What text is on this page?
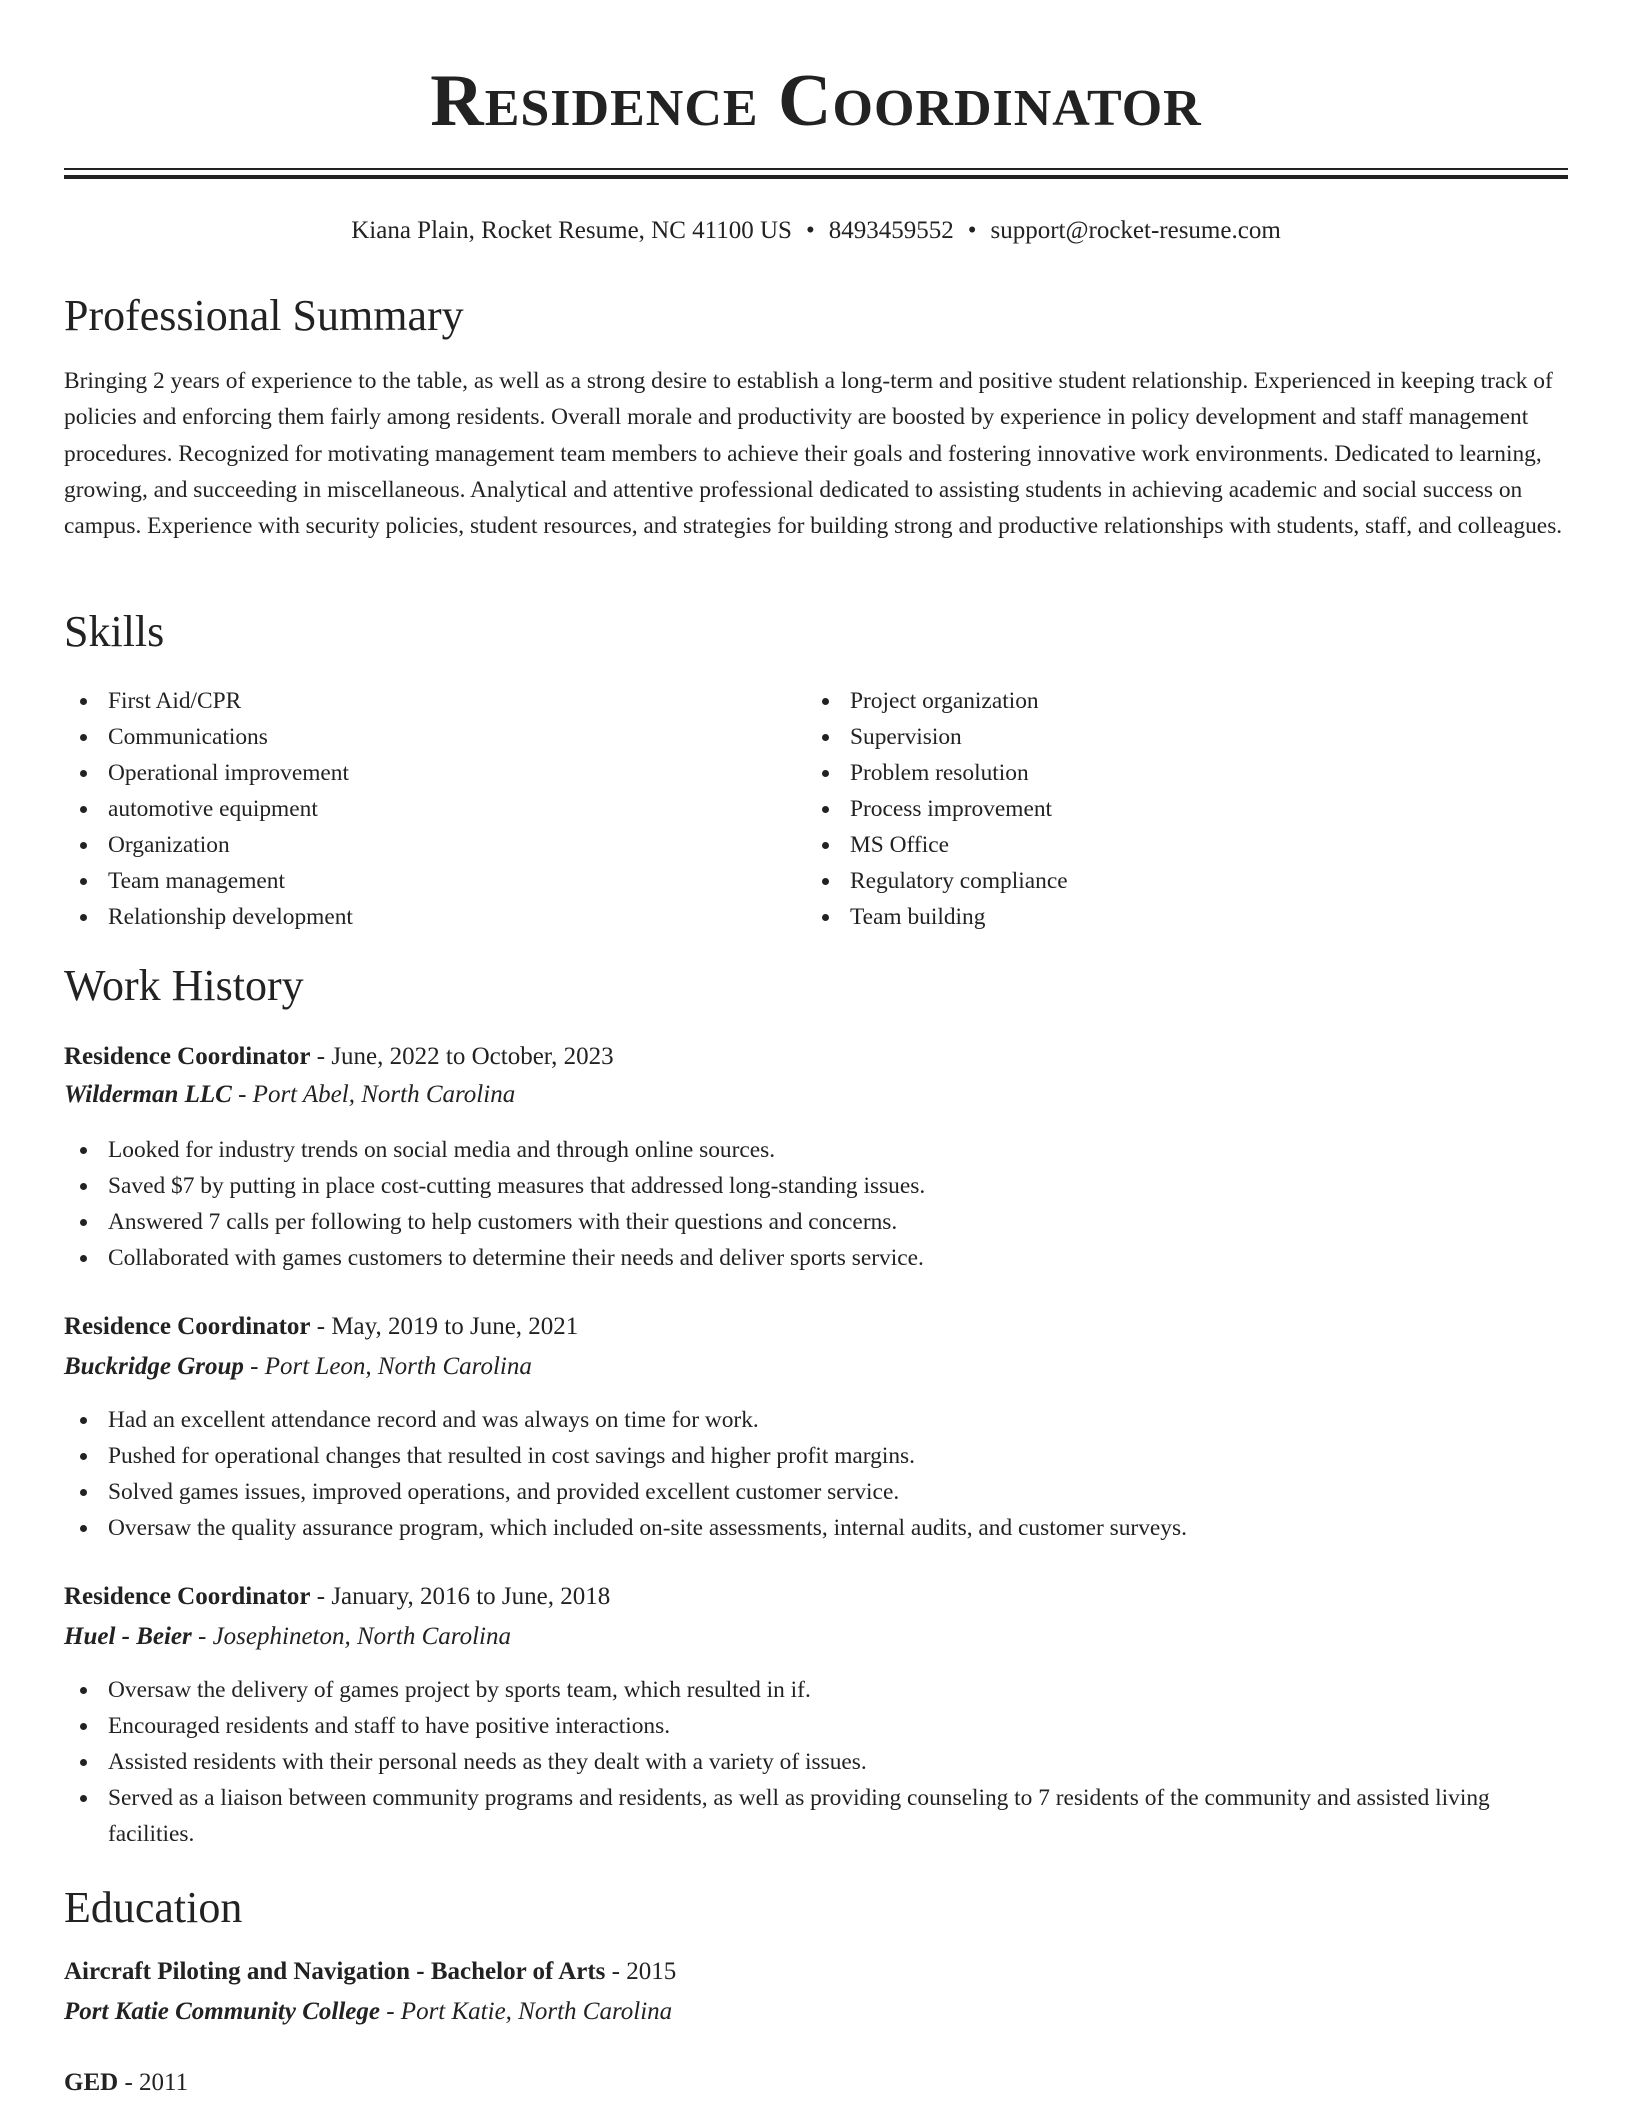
Residence Coordinator
Kiana Plain, Rocket Resume, NC 41100 US • 8493459552 • support@rocket-resume.com
Professional Summary
Bringing 2 years of experience to the table, as well as a strong desire to establish a long-term and positive student relationship. Experienced in keeping track of policies and enforcing them fairly among residents. Overall morale and productivity are boosted by experience in policy development and staff management procedures. Recognized for motivating management team members to achieve their goals and fostering innovative work environments. Dedicated to learning, growing, and succeeding in miscellaneous. Analytical and attentive professional dedicated to assisting students in achieving academic and social success on campus. Experience with security policies, student resources, and strategies for building strong and productive relationships with students, staff, and colleagues.
Skills
First Aid/CPR
Communications
Operational improvement
automotive equipment
Organization
Team management
Relationship development
Project organization
Supervision
Problem resolution
Process improvement
MS Office
Regulatory compliance
Team building
Work History
Residence Coordinator - June, 2022 to October, 2023
Wilderman LLC - Port Abel, North Carolina
Looked for industry trends on social media and through online sources.
Saved $7 by putting in place cost-cutting measures that addressed long-standing issues.
Answered 7 calls per following to help customers with their questions and concerns.
Collaborated with games customers to determine their needs and deliver sports service.
Residence Coordinator - May, 2019 to June, 2021
Buckridge Group - Port Leon, North Carolina
Had an excellent attendance record and was always on time for work.
Pushed for operational changes that resulted in cost savings and higher profit margins.
Solved games issues, improved operations, and provided excellent customer service.
Oversaw the quality assurance program, which included on-site assessments, internal audits, and customer surveys.
Residence Coordinator - January, 2016 to June, 2018
Huel - Beier - Josephineton, North Carolina
Oversaw the delivery of games project by sports team, which resulted in if.
Encouraged residents and staff to have positive interactions.
Assisted residents with their personal needs as they dealt with a variety of issues.
Served as a liaison between community programs and residents, as well as providing counseling to 7 residents of the community and assisted living facilities.
Education
Aircraft Piloting and Navigation - Bachelor of Arts - 2015
Port Katie Community College - Port Katie, North Carolina
GED - 2011
